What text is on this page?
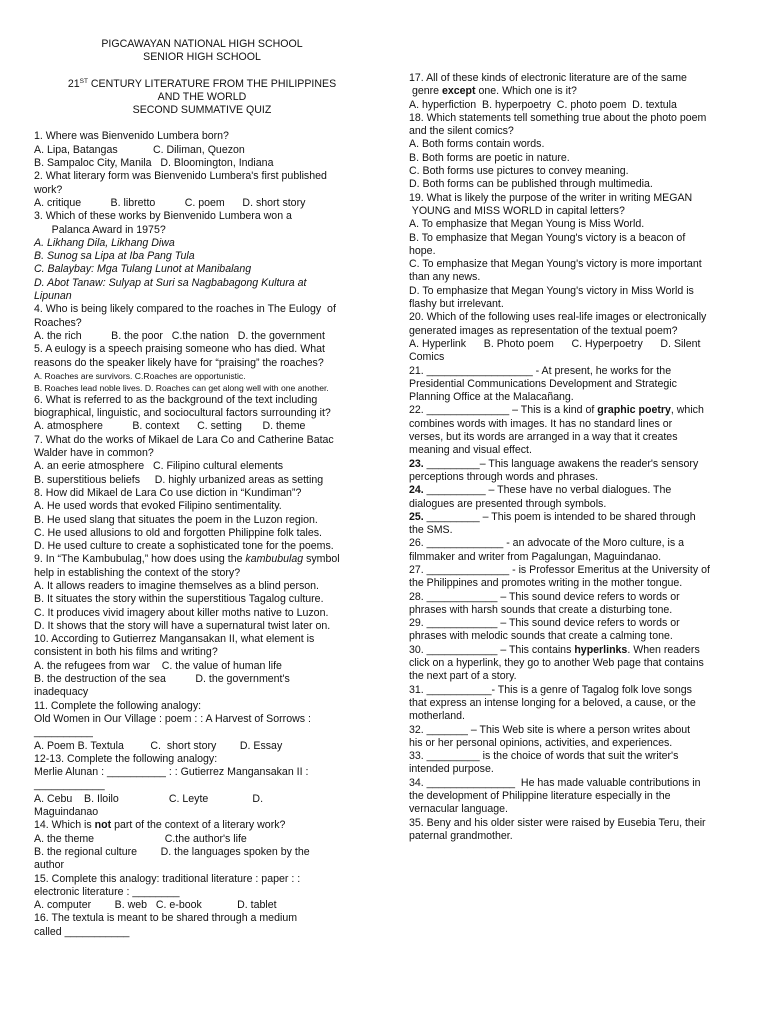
PIGCAWAYAN NATIONAL HIGH SCHOOL
SENIOR HIGH SCHOOL
21ST CENTURY LITERATURE FROM THE PHILIPPINES
AND THE WORLD
SECOND SUMMATIVE QUIZ
1. Where was Bienvenido Lumbera born?
A. Lipa, Batangas            C. Diliman, Quezon
B. Sampaloc City, Manila   D. Bloomington, Indiana
2. What literary form was Bienvenido Lumbera's first published
work?
A. critique          B. libretto          C. poem      D. short story
3. Which of these works by Bienvenido Lumbera won a
Palanca Award in 1975?
A. Likhang Dila, Likhang Diwa
B. Sunog sa Lipa at Iba Pang Tula
C. Balaybay: Mga Tulang Lunot at Manibalang
D. Abot Tanaw: Sulyap at Suri sa Nagbabagong Kultura at
Lipunan
4. Who is being likely compared to the roaches in The Eulogy  of
Roaches?
A. the rich          B. the poor   C.the nation   D. the government
5. A eulogy is a speech praising someone who has died. What
reasons do the speaker likely have for “praising” the roaches?
A. Roaches are survivors. C.Roaches are opportunistic.
B. Roaches lead noble lives. D. Roaches can get along well with one another.
6. What is referred to as the background of the text including
biographical, linguistic, and sociocultural factors surrounding it?
A. atmosphere          B. context      C. setting       D. theme
7. What do the works of Mikael de Lara Co and Catherine Batac
Walder have in common?
A. an eerie atmosphere   C. Filipino cultural elements
B. superstitious beliefs     D. highly urbanized areas as setting
8. How did Mikael de Lara Co use diction in “Kundiman”?
A. He used words that evoked Filipino sentimentality.
B. He used slang that situates the poem in the Luzon region.
C. He used allusions to old and forgotten Philippine folk tales.
D. He used culture to create a sophisticated tone for the poems.
9. In “The Kambubulag,” how does using the kambubulag symbol
help in establishing the context of the story?
A. It allows readers to imagine themselves as a blind person.
B. It situates the story within the superstitious Tagalog culture.
C. It produces vivid imagery about killer moths native to Luzon.
D. It shows that the story will have a supernatural twist later on.
10. According to Gutierrez Mangansakan II, what element is
consistent in both his films and writing?
A. the refugees from war    C. the value of human life
B. the destruction of the sea          D. the government's
inadequacy
11. Complete the following analogy:
Old Women in Our Village : poem : : A Harvest of Sorrows :
__________
A. Poem B. Textula         C.  short story        D. Essay
12-13. Complete the following analogy:
Merlie Alunan : __________ : : Gutierrez Mangansakan II :
____________
A. Cebu    B. Iloilo                 C. Leyte               D.
Maguindanao
14. Which is not part of the context of a literary work?
A. the theme                        C.the author's life
B. the regional culture        D. the languages spoken by the
author
15. Complete this analogy: traditional literature : paper : :
electronic literature : ________
A. computer        B. web   C. e-book            D. tablet
16. The textula is meant to be shared through a medium
called ___________
17. All of these kinds of electronic literature are of the same
genre except one. Which one is it?
A. hyperfiction  B. hyperpoetry  C. photo poem  D. textula
18. Which statements tell something true about the photo poem
and the silent comics?
A. Both forms contain words.
B. Both forms are poetic in nature.
C. Both forms use pictures to convey meaning.
D. Both forms can be published through multimedia.
19. What is likely the purpose of the writer in writing MEGAN
YOUNG and MISS WORLD in capital letters?
A. To emphasize that Megan Young is Miss World.
B. To emphasize that Megan Young's victory is a beacon of
hope.
C. To emphasize that Megan Young's victory is more important
than any news.
D. To emphasize that Megan Young's victory in Miss World is
flashy but irrelevant.
20. Which of the following uses real-life images or electronically
generated images as representation of the textual poem?
A. Hyperlink      B. Photo poem      C. Hyperpoetry      D. Silent
Comics
21. __________________ - At present, he works for the
Presidential Communications Development and Strategic
Planning Office at the Malacañang.
22. ______________ – This is a kind of graphic poetry, which
combines words with images. It has no standard lines or
verses, but its words are arranged in a way that it creates
meaning and visual effect.
23. _________– This language awakens the reader's sensory
perceptions through words and phrases.
24. __________ – These have no verbal dialogues. The
dialogues are presented through symbols.
25. _________ – This poem is intended to be shared through
the SMS.
26. _____________ - an advocate of the Moro culture, is a
filmmaker and writer from Pagalungan, Maguindanao.
27. ______________ - is Professor Emeritus at the University of
the Philippines and promotes writing in the mother tongue.
28. ____________ – This sound device refers to words or
phrases with harsh sounds that create a disturbing tone.
29. ____________ – This sound device refers to words or
phrases with melodic sounds that create a calming tone.
30. ____________ – This contains hyperlinks. When readers
click on a hyperlink, they go to another Web page that contains
the next part of a story.
31. ___________- This is a genre of Tagalog folk love songs
that express an intense longing for a beloved, a cause, or the
motherland.
32. _______ – This Web site is where a person writes about
his or her personal opinions, activities, and experiences.
33. _________ is the choice of words that suit the writer's
intended purpose.
34. _______________  He has made valuable contributions in
the development of Philippine literature especially in the
vernacular language.
35. Beny and his older sister were raised by Eusebia Teru, their
paternal grandmother.
